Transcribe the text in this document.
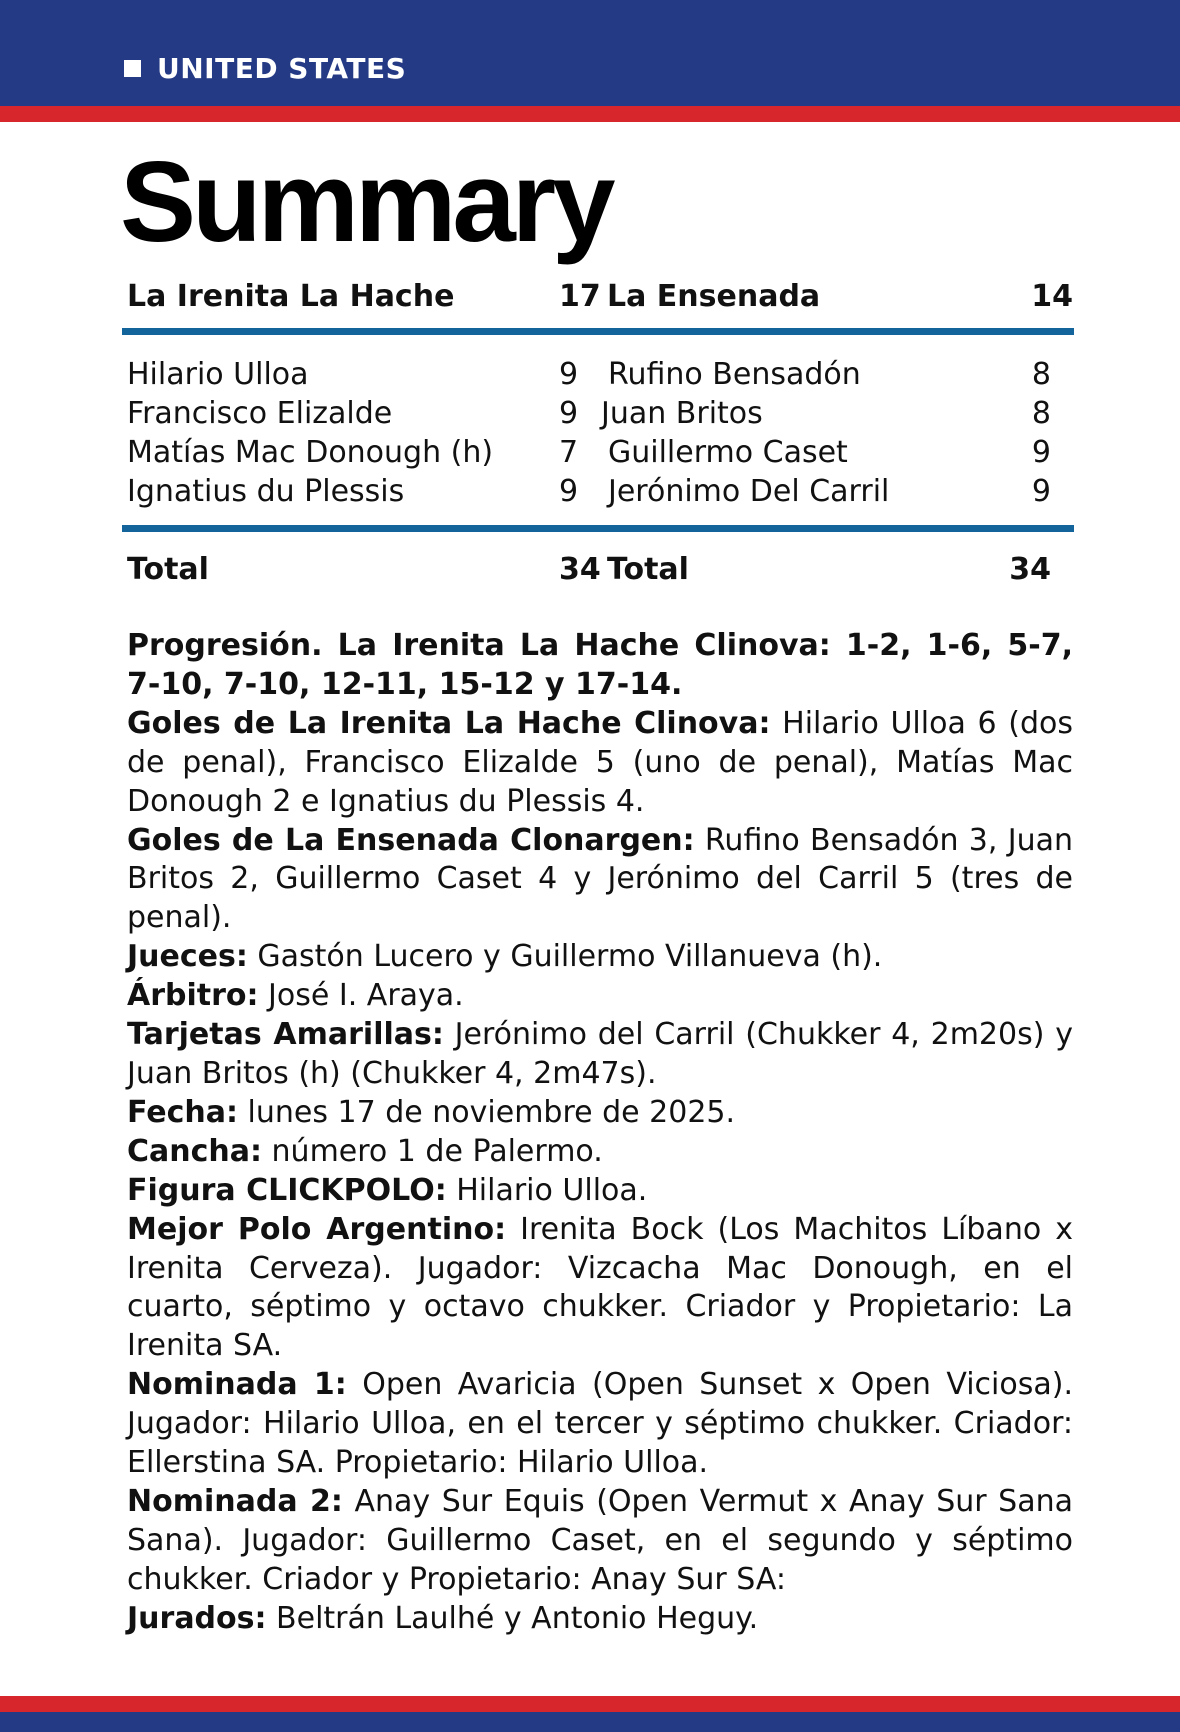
UNITED STATES
Summary
La Irenita La Hache	17 La Ensenada	14
Hilario Ulloa	9 Rufino Bensadón	8
Francisco Elizalde	9 Juan Britos	8
Matías Mac Donough (h) 7 Guillermo Caset	9
Ignatius du Plessis	9 Jerónimo Del Carril	9
Total	34 Total	34

Progresión. La Irenita La Hache Clinova: 1-2, 1-6, 5-7, 7-10, 7-10, 12-11, 15-12 y 17-14.

Goles de La Irenita La Hache Clinova: Hilario Ulloa 6 (dos de penal), Francisco Elizalde 5 (uno de penal), Matías Mac Donough 2 e Ignatius du Plessis 4.

Goles de La Ensenada Clonargen: Rufino Bensadón 3, Juan Britos 2, Guillermo Caset 4 y Jerónimo del Carril 5 (tres de penal).

Jueces: Gastón Lucero y Guillermo Villanueva (h).

Árbitro: José I. Araya.

Tarjetas Amarillas: Jerónimo del Carril (Chukker 4, 2m20s) y Juan Britos (h) (Chukker 4, 2m47s).

Fecha: lunes 17 de noviembre de 2025.

Cancha: número 1 de Palermo.

Figura CLICKPOLO: Hilario Ulloa.

Mejor Polo Argentino: Irenita Bock (Los Machitos Líbano x Irenita Cerveza). Jugador: Vizcacha Mac Donough, en el cuarto, séptimo y octavo chukker. Criador y Propietario: La Irenita SA.

Nominada 1: Open Avaricia (Open Sunset x Open Viciosa). Jugador: Hilario Ulloa, en el tercer y séptimo chukker. Criador: Ellerstina SA. Propietario: Hilario Ulloa.

Nominada 2: Anay Sur Equis (Open Vermut x Anay Sur Sana Sana). Jugador: Guillermo Caset, en el segundo y séptimo chukker. Criador y Propietario: Anay Sur SA:

Jurados: Beltrán Laulhé y Antonio Heguy.
